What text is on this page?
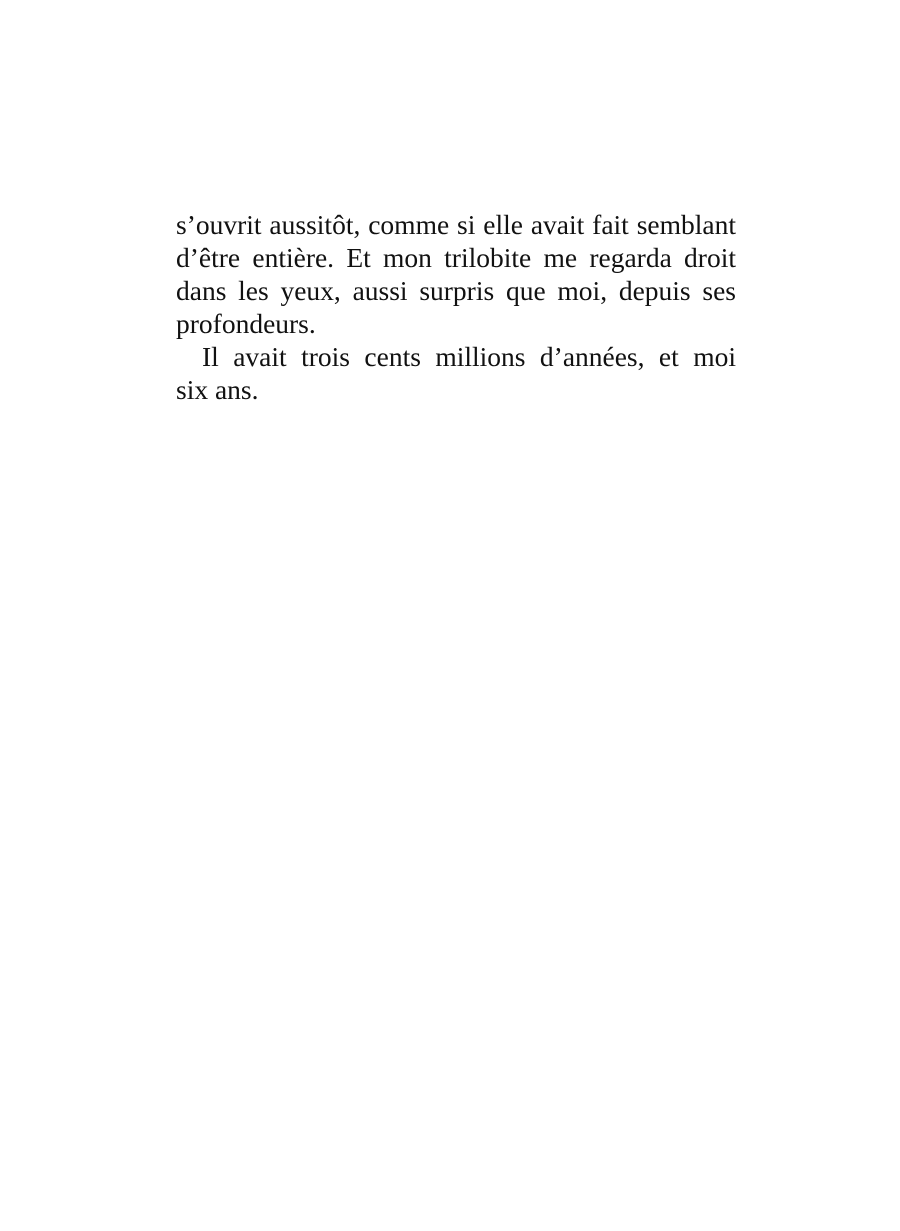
s’ouvrit aussitôt, comme si elle avait fait semblant
d’être entière. Et mon trilobite me regarda droit
dans les yeux, aussi surpris que moi, depuis ses
profondeurs.
Il avait trois cents millions d’années, et moi
six ans.
